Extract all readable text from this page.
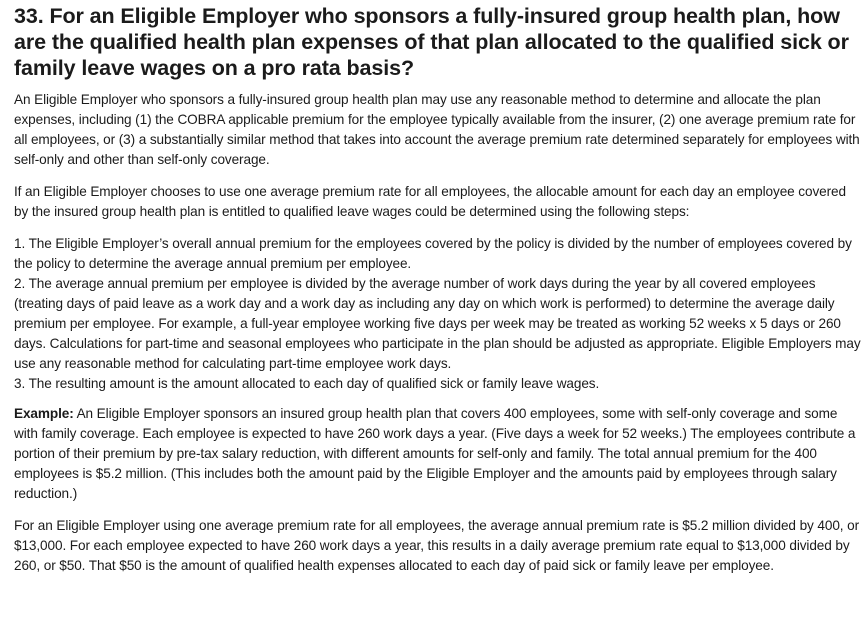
33. For an Eligible Employer who sponsors a fully-insured group health plan, how are the qualified health plan expenses of that plan allocated to the qualified sick or family leave wages on a pro rata basis?

An Eligible Employer who sponsors a fully-insured group health plan may use any reasonable method to determine and allocate the plan expenses, including (1) the COBRA applicable premium for the employee typically available from the insurer, (2) one average premium rate for all employees, or (3) a substantially similar method that takes into account the average premium rate determined separately for employees with self-only and other than self-only coverage.

If an Eligible Employer chooses to use one average premium rate for all employees, the allocable amount for each day an employee covered by the insured group health plan is entitled to qualified leave wages could be determined using the following steps:

1. The Eligible Employer’s overall annual premium for the employees covered by the policy is divided by the number of employees covered by the policy to determine the average annual premium per employee.
2. The average annual premium per employee is divided by the average number of work days during the year by all covered employees (treating days of paid leave as a work day and a work day as including any day on which work is performed) to determine the average daily premium per employee. For example, a full-year employee working five days per week may be treated as working 52 weeks x 5 days or 260 days. Calculations for part-time and seasonal employees who participate in the plan should be adjusted as appropriate. Eligible Employers may use any reasonable method for calculating part-time employee work days.
3. The resulting amount is the amount allocated to each day of qualified sick or family leave wages.

Example: An Eligible Employer sponsors an insured group health plan that covers 400 employees, some with self-only coverage and some with family coverage. Each employee is expected to have 260 work days a year. (Five days a week for 52 weeks.) The employees contribute a portion of their premium by pre-tax salary reduction, with different amounts for self-only and family. The total annual premium for the 400 employees is $5.2 million. (This includes both the amount paid by the Eligible Employer and the amounts paid by employees through salary reduction.)

For an Eligible Employer using one average premium rate for all employees, the average annual premium rate is $5.2 million divided by 400, or $13,000. For each employee expected to have 260 work days a year, this results in a daily average premium rate equal to $13,000 divided by 260, or $50. That $50 is the amount of qualified health expenses allocated to each day of paid sick or family leave per employee.
